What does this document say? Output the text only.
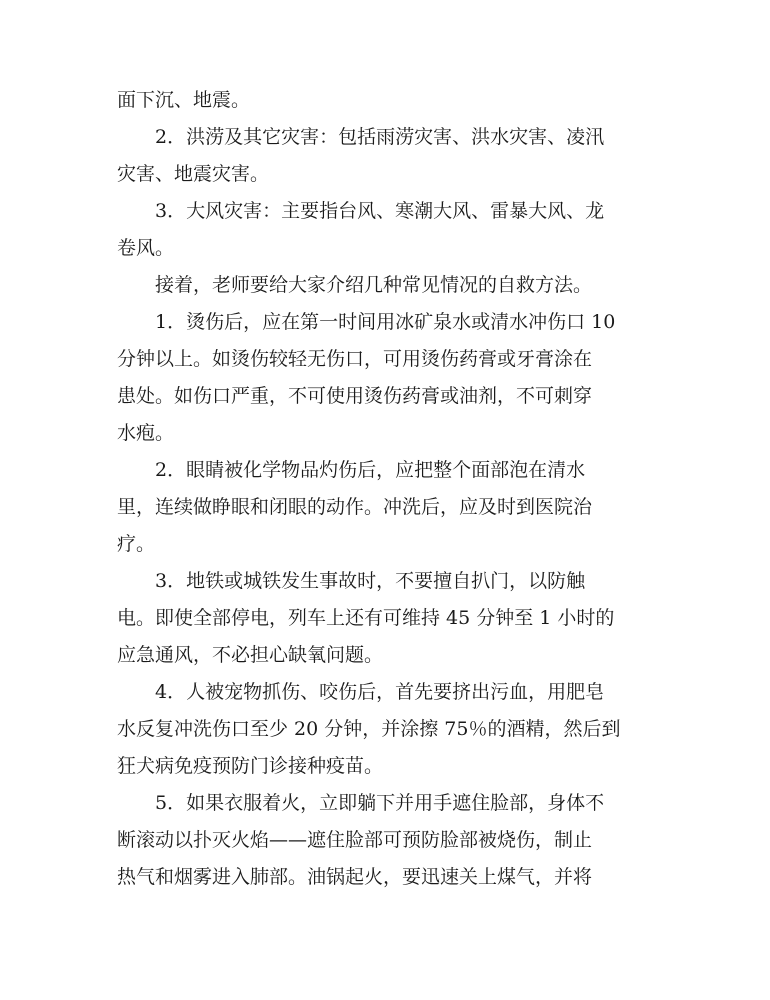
面下沉、地震。

2．洪涝及其它灾害：包括雨涝灾害、洪水灾害、凌汛
灾害、地震灾害。

3．大风灾害：主要指台风、寒潮大风、雷暴大风、龙
卷风。

接着，老师要给大家介绍几种常见情况的自救方法。

1．烫伤后，应在第一时间用冰矿泉水或清水冲伤口 10
分钟以上。如烫伤较轻无伤口，可用烫伤药膏或牙膏涂在
患处。如伤口严重，不可使用烫伤药膏或油剂，不可刺穿
水疱。

2．眼睛被化学物品灼伤后，应把整个面部泡在清水
里，连续做睁眼和闭眼的动作。冲洗后，应及时到医院治
疗。

3．地铁或城铁发生事故时，不要擅自扒门，以防触
电。即使全部停电，列车上还有可维持 45 分钟至 1 小时的
应急通风，不必担心缺氧问题。

4．人被宠物抓伤、咬伤后，首先要挤出污血，用肥皂
水反复冲洗伤口至少 20 分钟，并涂擦 75％的酒精，然后到
狂犬病免疫预防门诊接种疫苗。

5．如果衣服着火，立即躺下并用手遮住脸部，身体不
断滚动以扑灭火焰——遮住脸部可预防脸部被烧伤，制止
热气和烟雾进入肺部。油锅起火，要迅速关上煤气，并将
